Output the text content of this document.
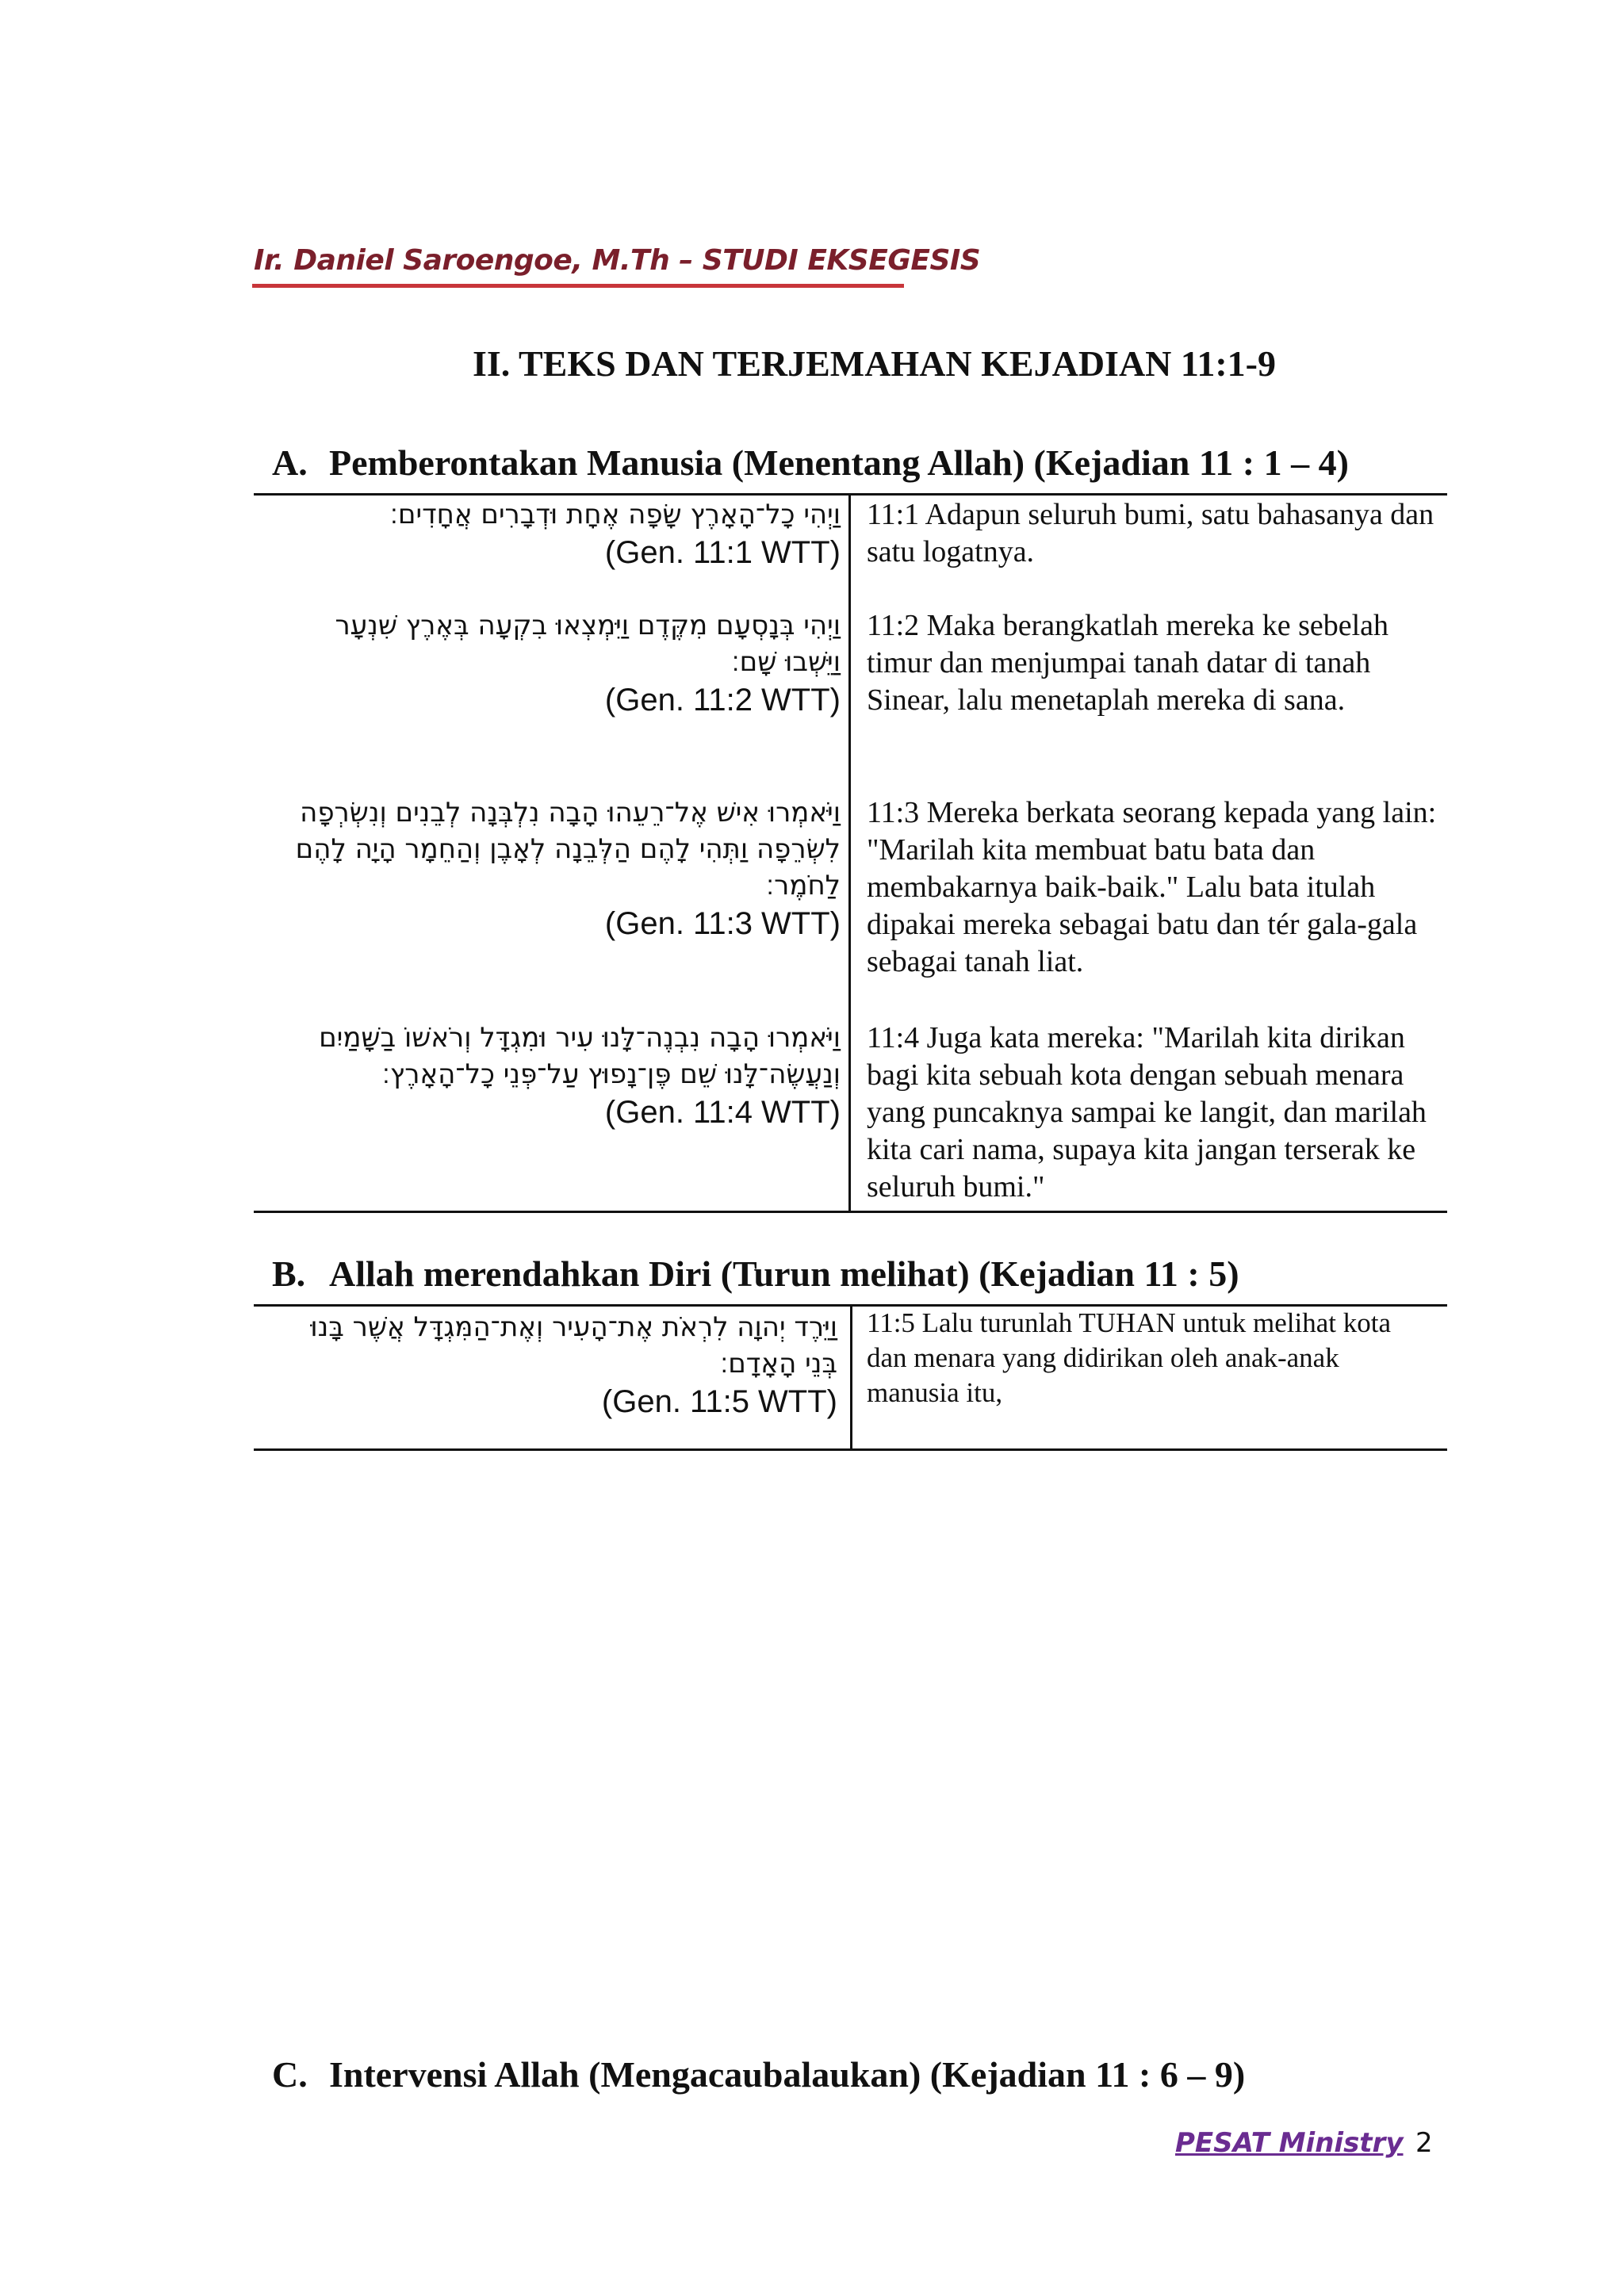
Ir. Daniel Saroengoe, M.Th – STUDI EKSEGESIS
II. TEKS DAN TERJEMAHAN KEJADIAN 11:1-9
A. Pemberontakan Manusia (Menentang Allah) (Kejadian 11 : 1 – 4)
וַיְהִי כָל־הָאָרֶץ שָׂפָה אֶחָת וּדְבָרִים אֲחָדִים׃
(Gen. 11:1 WTT)
11:1 Adapun seluruh bumi, satu bahasanya dan satu logatnya.
וַיְהִי בְּנָסְעָם מִקֶּדֶם וַיִּמְצְאוּ בִקְעָה בְּאֶרֶץ שִׁנְעָר
וַיֵּשְׁבוּ שָׁם׃
(Gen. 11:2 WTT)
11:2 Maka berangkatlah mereka ke sebelah timur dan menjumpai tanah datar di tanah Sinear, lalu menetaplah mereka di sana.
וַיֹּאמְרוּ אִישׁ אֶל־רֵעֵהוּ הָבָה נִלְבְּנָה לְבֵנִים וְנִשְׂרְפָה
לִשְׂרֵפָה וַתְּהִי לָהֶם הַלְּבֵנָה לְאָבֶן וְהַחֵמָר הָיָה לָהֶם
לַחֹמֶר׃
(Gen. 11:3 WTT)
11:3 Mereka berkata seorang kepada yang lain: "Marilah kita membuat batu bata dan membakarnya baik-baik." Lalu bata itulah dipakai mereka sebagai batu dan tér gala-gala sebagai tanah liat.
וַיֹּאמְרוּ הָבָה נִבְנֶה־לָּנוּ עִיר וּמִגְדָּל וְרֹאשׁוֹ בַשָּׁמַיִם
וְנַעֲשֶׂה־לָּנוּ שֵׁם פֶּן־נָפוּץ עַל־פְּנֵי כָל־הָאָרֶץ׃
(Gen. 11:4 WTT)
11:4 Juga kata mereka: "Marilah kita dirikan bagi kita sebuah kota dengan sebuah menara yang puncaknya sampai ke langit, dan marilah kita cari nama, supaya kita jangan terserak ke seluruh bumi."
B. Allah merendahkan Diri (Turun melihat) (Kejadian 11 : 5)
וַיֵּרֶד יְהוָה לִרְאֹת אֶת־הָעִיר וְאֶת־הַמִּגְדָּל אֲשֶׁר בָּנוּ
בְּנֵי הָאָדָם׃
(Gen. 11:5 WTT)
11:5 Lalu turunlah TUHAN untuk melihat kota dan menara yang didirikan oleh anak-anak manusia itu,
C. Intervensi Allah (Mengacaubalaukan) (Kejadian 11 : 6 – 9)
PESAT Ministry 2
